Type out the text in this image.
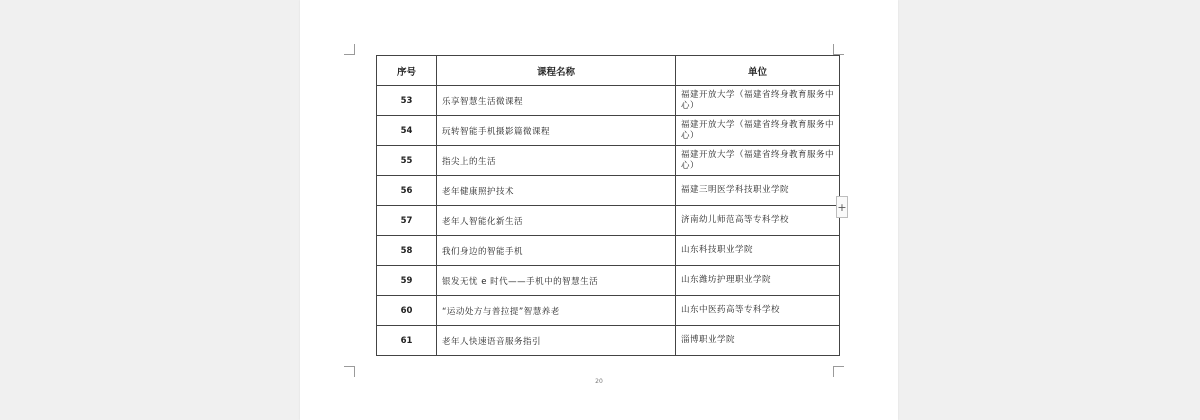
序号	课程名称	单位
53	乐享智慧生活微课程	福建开放大学（福建省终身教育服务中心）
54	玩转智能手机摄影篇微课程	福建开放大学（福建省终身教育服务中心）
55	指尖上的生活	福建开放大学（福建省终身教育服务中心）
56	老年健康照护技术	福建三明医学科技职业学院
57	老年人智能化新生活	济南幼儿师范高等专科学校
58	我们身边的智能手机	山东科技职业学院
59	银发无忧 e 时代——手机中的智慧生活	山东潍坊护理职业学院
60	“运动处方与普拉提”智慧养老	山东中医药高等专科学校
61	老年人快速语音服务指引	淄博职业学院
20
+
